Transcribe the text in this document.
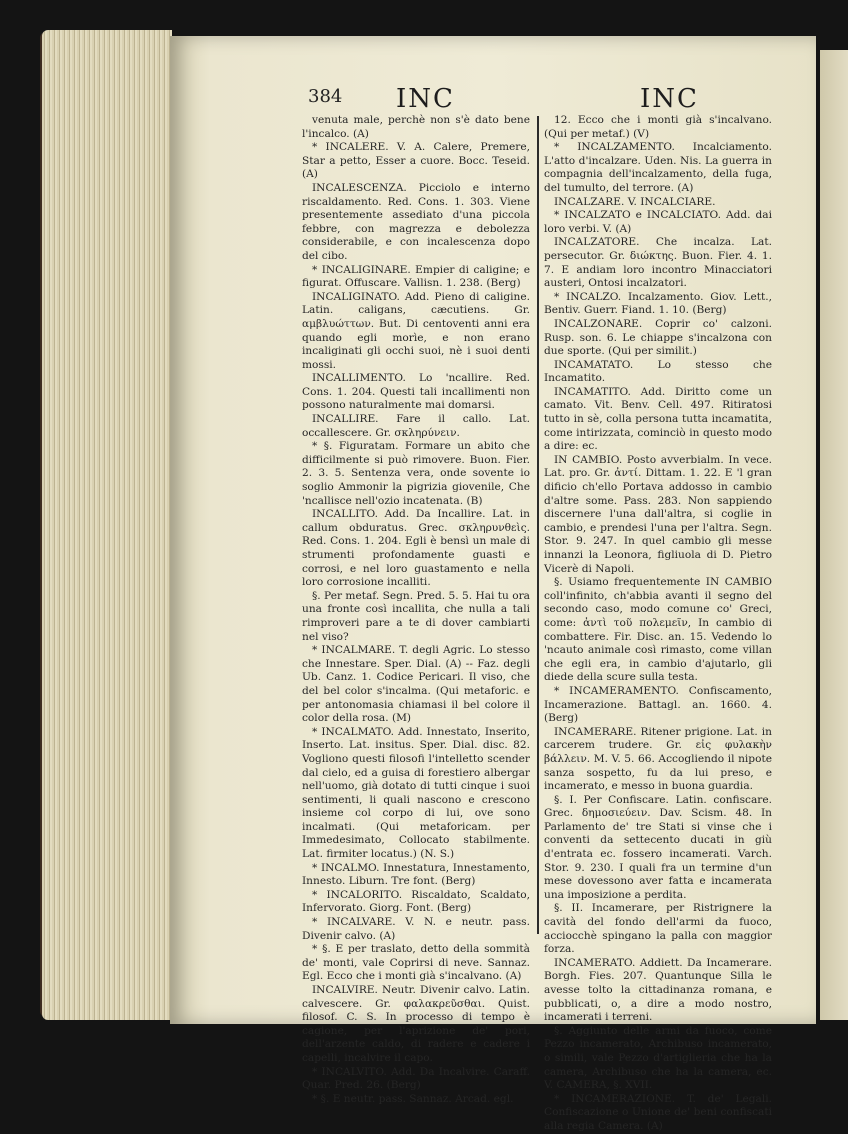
384 INC	INC

venuta male, perchè non s'è dato bene l'incalco. (A)

* INCALERE. V. A. Calere, Premere, Star a petto, Esser a cuore. Bocc. Teseid. (A)

INCALESCENZA. Picciolo e interno riscaldamento. Red. Cons. 1. 303. Viene presentemente assediato d'una piccola febbre, con magrezza e debolezza considerabile, e con incalescenza dopo del cibo.

* INCALIGINARE. Empier di caligine; e figurat. Offuscare. Vallisn. 1. 238. (Berg)

INCALIGINATO. Add. Pieno di caligine. Latin. caligans, cæcutiens. Gr. αμβλυώττων. But. Di centoventi anni era quando egli morìe, e non erano incaliginati gli occhi suoi, nè i suoi denti mossi.

INCALLIMENTO. Lo 'ncallire. Red. Cons. 1. 204. Questi tali incallimenti non possono naturalmente mai domarsi.

INCALLIRE. Fare il callo. Lat. occallescere. Gr. σκληρύνειν.

* §. Figuratam. Formare un abito che difficilmente si può rimovere. Buon. Fier. 2. 3. 5. Sentenza vera, onde sovente io soglio Ammonir la pigrizia giovenile, Che 'ncallisce nell'ozio incatenata. (B)

INCALLITO. Add. Da Incallire. Lat. in callum obduratus. Grec. σκληρυνθεὶς. Red. Cons. 1. 204. Egli è bensì un male di strumenti profondamente guasti e corrosi, e nel loro guastamento e nella loro corrosione incalliti.

§. Per metaf. Segn. Pred. 5. 5. Hai tu ora una fronte così incallita, che nulla a tali rimproveri pare a te di dover cambiarti nel viso?

* INCALMARE. T. degli Agric. Lo stesso che Innestare. Sper. Dial. (A) -- Faz. degli Ub. Canz. 1. Codice Pericari. Il viso, che del bel color s'incalma. (Qui metaforic. e per antonomasia chiamasi il bel colore il color della rosa. (M)

* INCALMATO. Add. Innestato, Inserito, Inserto. Lat. insitus. Sper. Dial. disc. 82. Vogliono questi filosofi l'intelletto scender dal cielo, ed a guisa di forestiero albergar nell'uomo, già dotato di tutti cinque i suoi sentimenti, li quali nascono e crescono insieme col corpo di lui, ove sono incalmati. (Qui metaforicam. per Immedesimato, Collocato stabilmente. Lat. firmiter locatus.) (N. S.)

* INCALMO. Innestatura, Innestamento, Innesto. Liburn. Tre font. (Berg)

* INCALORITO. Riscaldato, Scaldato, Infervorato. Giorg. Font. (Berg)

* INCALVARE. V. N. e neutr. pass. Divenir calvo. (A)

* §. E per traslato, detto della sommità de' monti, vale Coprirsi di neve. Sannaz. Egl. Ecco che i monti già s'incalvano. (A)

INCALVIRE. Neutr. Divenir calvo. Latin. calvescere. Gr. φαλακρεῦσθαι. Quist. filosof. C. S. In processo di tempo è cagione, per l'aprizione de' pori, dell'arzente caldo, di radere e cadere i capelli, incalvire il capo.

* INCALVITO. Add. Da Incalvire. Caraff. Quar. Pred. 26. (Berg)

* §. E neutr. pass. Sannaz. Arcad. egl.

12. Ecco che i monti già s'incalvano. (Qui per metaf.) (V)

* INCALZAMENTO. Incalciamento. L'atto d'incalzare. Uden. Nis. La guerra in compagnia dell'incalzamento, della fuga, del tumulto, del terrore. (A)

INCALZARE. V. INCALCIARE.

* INCALZATO e INCALCIATO. Add. dai loro verbi. V. (A)

INCALZATORE. Che incalza. Lat. persecutor. Gr. διώκτης. Buon. Fier. 4. 1. 7. E andiam loro incontro Minacciatori austeri, Ontosi incalzatori.

* INCALZO. Incalzamento. Giov. Lett., Bentiv. Guerr. Fiand. 1. 10. (Berg)

INCALZONARE. Coprir co' calzoni. Rusp. son. 6. Le chiappe s'incalzona con due sporte. (Qui per similit.)

INCAMATATO. Lo stesso che Incamatito.

INCAMATITO. Add. Diritto come un camato. Vit. Benv. Cell. 497. Ritiratosi tutto in sè, colla persona tutta incamatita, come intirizzata, cominciò in questo modo a dire: ec.

IN CAMBIO. Posto avverbialm. In vece. Lat. pro. Gr. ἀντί. Dittam. 1. 22. E 'l gran dificio ch'ello Portava addosso in cambio d'altre some. Pass. 283. Non sappiendo discernere l'una dall'altra, si coglie in cambio, e prendesi l'una per l'altra. Segn. Stor. 9. 247. In quel cambio gli messe innanzi la Leonora, figliuola di D. Pietro Vicerè di Napoli.

§. Usiamo frequentemente IN CAMBIO coll'infinito, ch'abbia avanti il segno del secondo caso, modo comune co' Greci, come: ἀντὶ τοῦ πολεμεῖν, In cambio di combattere. Fir. Disc. an. 15. Vedendo lo 'ncauto animale così rimasto, come villan che egli era, in cambio d'ajutarlo, gli diede della scure sulla testa.

* INCAMERAMENTO. Confiscamento, Incamerazione. Battagl. an. 1660. 4. (Berg)

INCAMERARE. Ritener prigione. Lat. in carcerem trudere. Gr. εἰς φυλακὴν βάλλειν. M. V. 5. 66. Accogliendo il nipote sanza sospetto, fu da lui preso, e incamerato, e messo in buona guardia.

§. I. Per Confiscare. Latin. confiscare. Grec. δημοσιεύειν. Dav. Scism. 48. In Parlamento de' tre Stati si vinse che i conventi da settecento ducati in giù d'entrata ec. fossero incamerati. Varch. Stor. 9. 230. I quali fra un termine d'un mese dovessono aver fatta e incamerata una imposizione a perdita.

§. II. Incamerare, per Ristrignere la cavità del fondo dell'armi da fuoco, acciocchè spingano la palla con maggior forza.

INCAMERATO. Addiett. Da Incamerare. Borgh. Fies. 207. Quantunque Silla le avesse tolto la cittadinanza romana, e pubblicati, o, a dire a modo nostro, incamerati i terreni.

§. Aggiunto delle armi da fuoco, come Pezzo incamerato, Archibuso incamerato, o simili, vale Pezzo d'artiglieria che ha la camera, Archibuso che ha la camera, ec. V. CAMERA, §. XVII.

* INCAMERAZIONE. T. de' Legali. Confiscazione o Unione de' beni confiscati alla regia Camera. (A)
